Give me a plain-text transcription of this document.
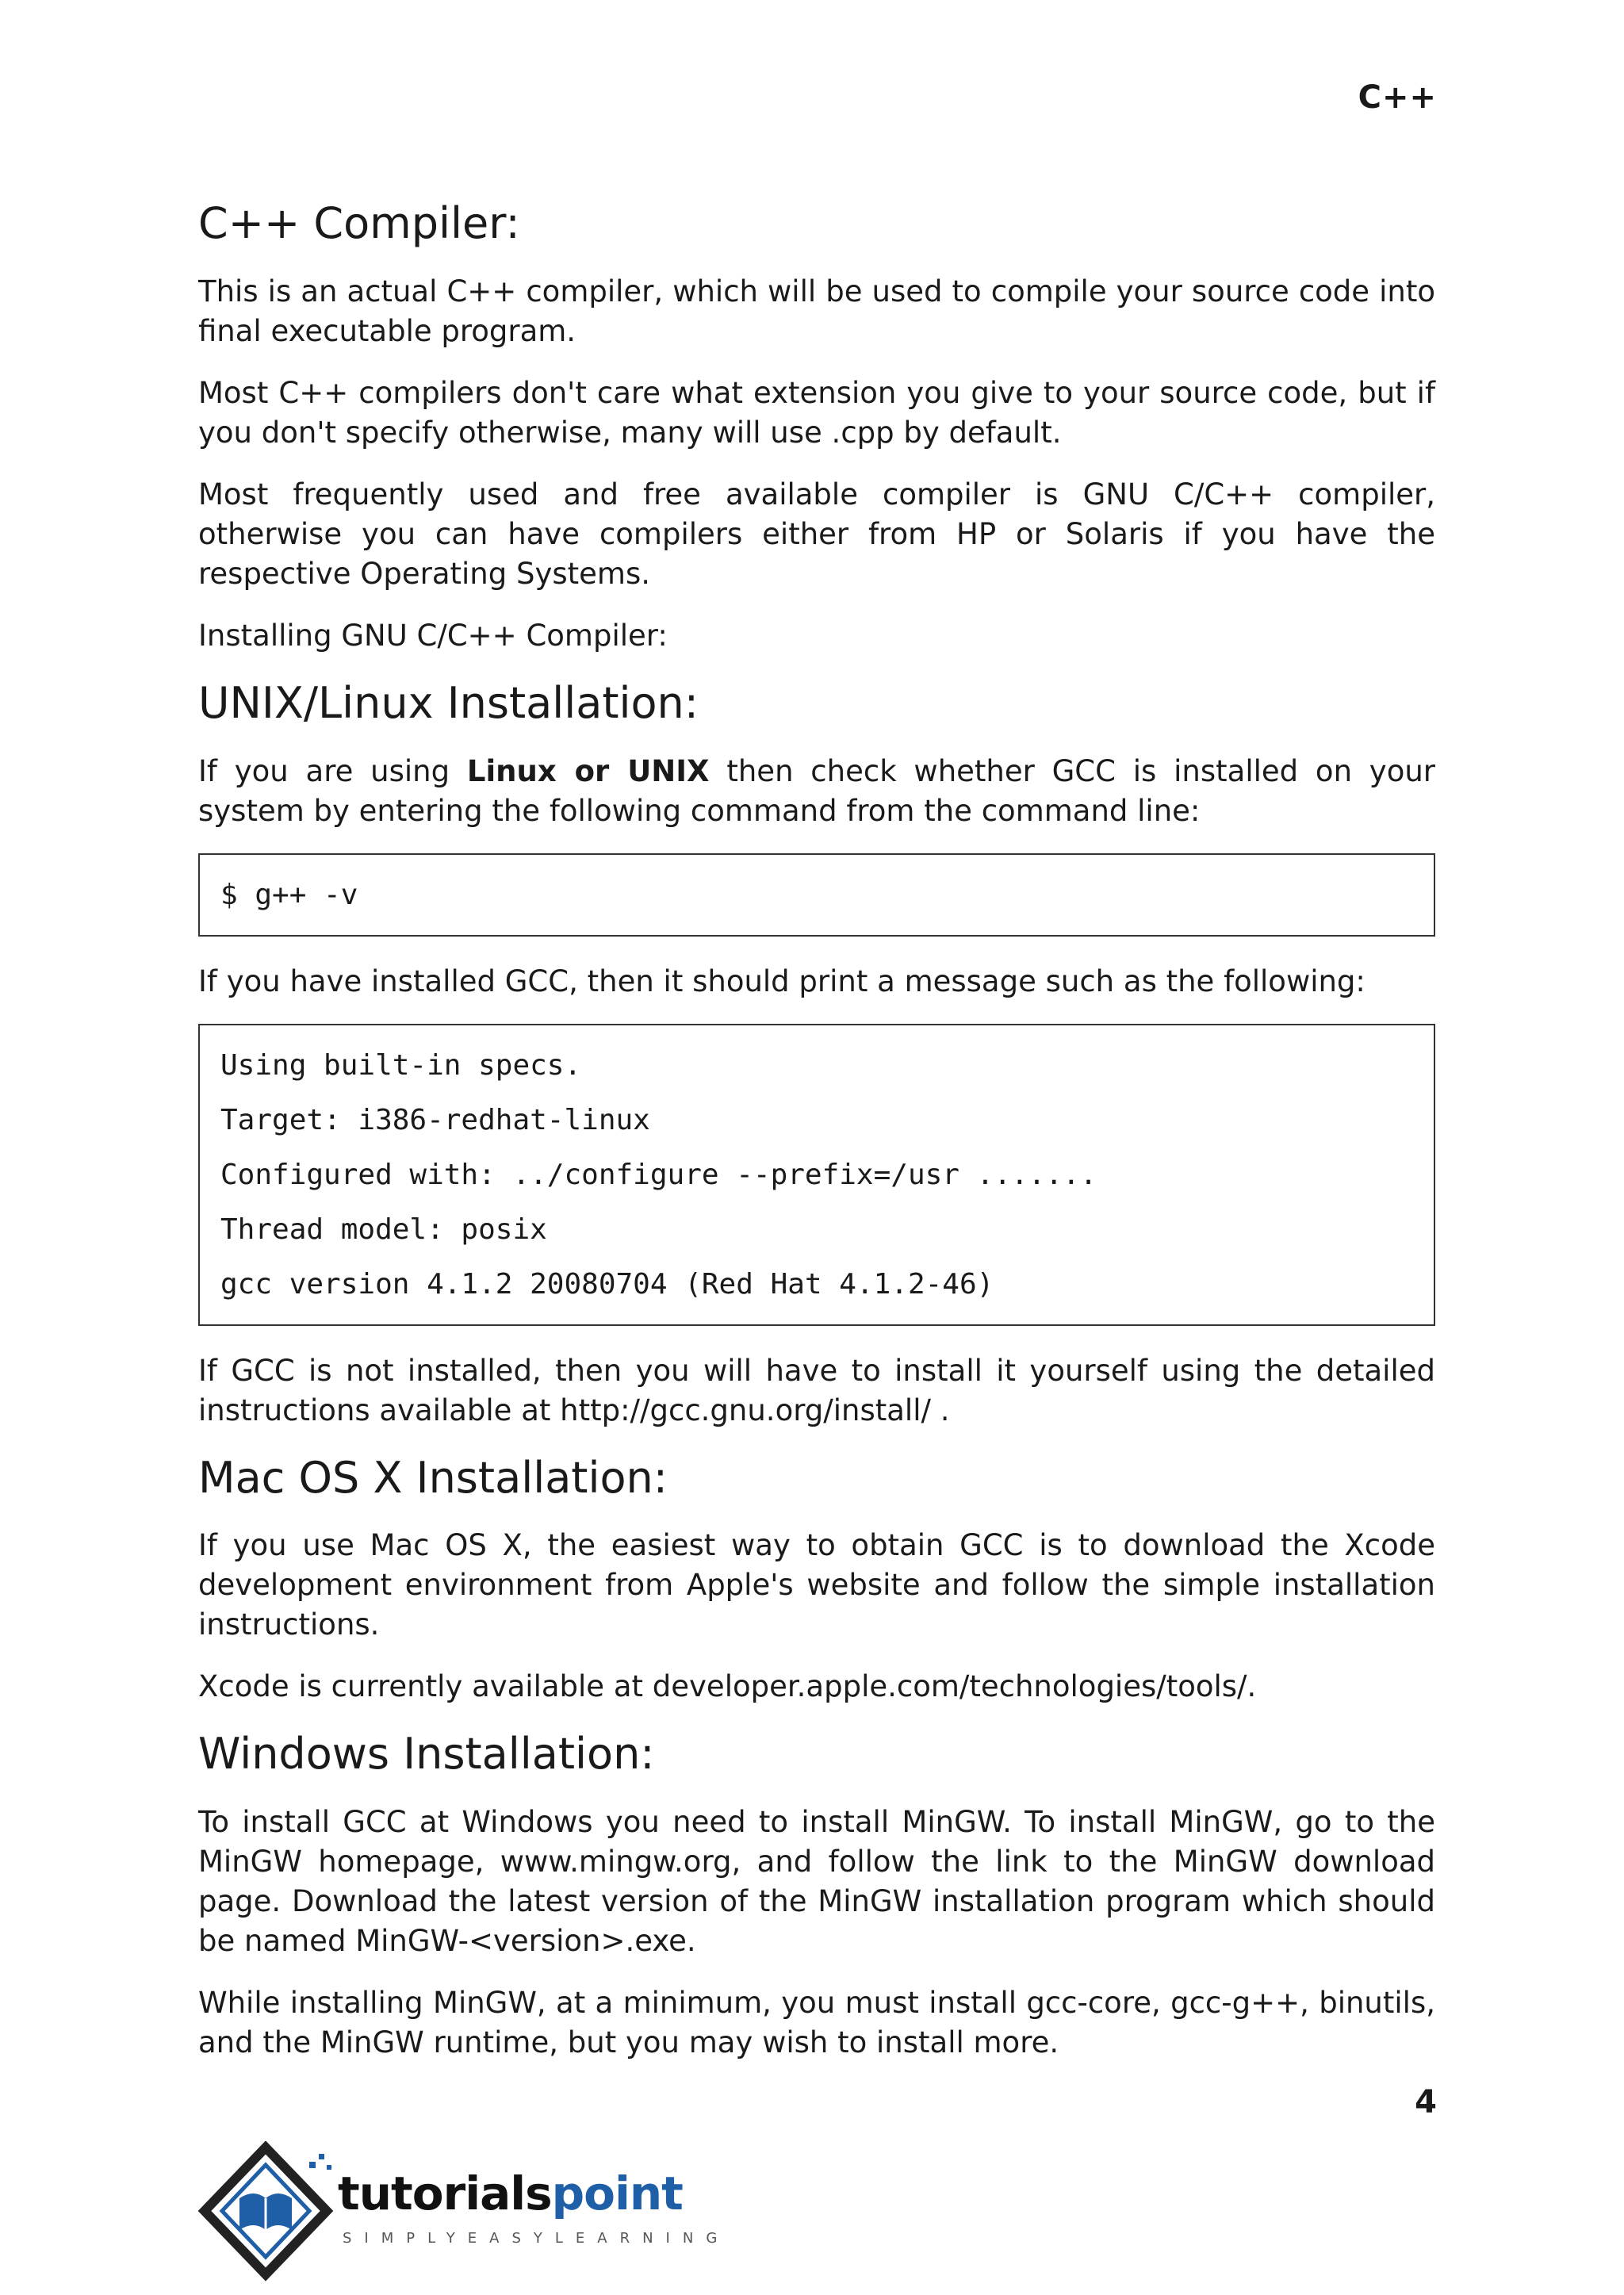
C++
C++ Compiler:

This is an actual C++ compiler, which will be used to compile your source code into final executable program.

Most C++ compilers don't care what extension you give to your source code, but if you don't specify otherwise, many will use .cpp by default.

Most frequently used and free available compiler is GNU C/C++ compiler, otherwise you can have compilers either from HP or Solaris if you have the respective Operating Systems.

Installing GNU C/C++ Compiler:

UNIX/Linux Installation:

If you are using Linux or UNIX then check whether GCC is installed on your system by entering the following command from the command line:

$ g++ -v

If you have installed GCC, then it should print a message such as the following:

Using built-in specs.
Target: i386-redhat-linux
Configured with: ../configure --prefix=/usr .......
Thread model: posix
gcc version 4.1.2 20080704 (Red Hat 4.1.2-46)

If GCC is not installed, then you will have to install it yourself using the detailed instructions available at http://gcc.gnu.org/install/ .

Mac OS X Installation:

If you use Mac OS X, the easiest way to obtain GCC is to download the Xcode development environment from Apple's website and follow the simple installation instructions.

Xcode is currently available at developer.apple.com/technologies/tools/.

Windows Installation:

To install GCC at Windows you need to install MinGW. To install MinGW, go to the MinGW homepage, www.mingw.org, and follow the link to the MinGW download page. Download the latest version of the MinGW installation program which should be named MinGW-<version>.exe.

While installing MinGW, at a minimum, you must install gcc-core, gcc-g++, binutils, and the MinGW runtime, but you may wish to install more.

4
tutorialspoint
SIMPLYEASYLEARNING
